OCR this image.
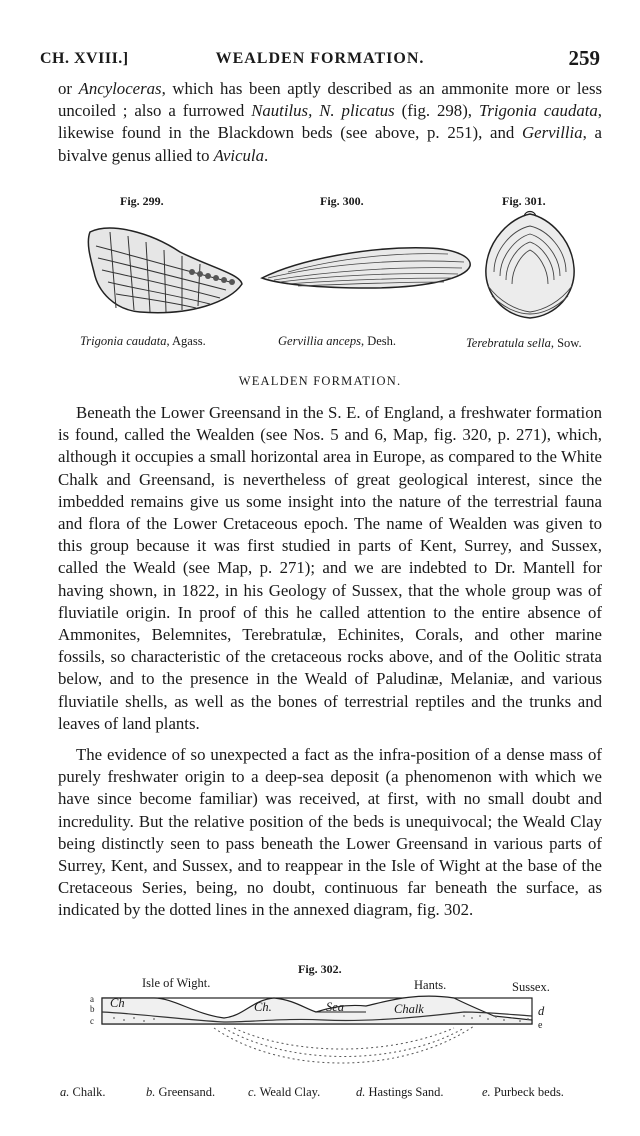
CH. XVIII.]	WEALDEN FORMATION.	259
or Ancyloceras, which has been aptly described as an ammonite more or less uncoiled ; also a furrowed Nautilus, N. plicatus (fig. 298), Trigonia caudata, likewise found in the Blackdown beds (see above, p. 251), and Gervillia, a bivalve genus allied to Avicula.
Fig. 299.	Fig. 300.	Fig. 301.
Trigonia caudata, Agass.	Gervillia anceps, Desh.	Terebratula sella, Sow.
WEALDEN FORMATION.
Beneath the Lower Greensand in the S. E. of England, a freshwater formation is found, called the Wealden (see Nos. 5 and 6, Map, fig. 320, p. 271), which, although it occupies a small horizontal area in Europe, as compared to the White Chalk and Greensand, is nevertheless of great geological interest, since the imbedded remains give us some insight into the nature of the terrestrial fauna and flora of the Lower Cretaceous epoch. The name of Wealden was given to this group because it was first studied in parts of Kent, Surrey, and Sussex, called the Weald (see Map, p. 271); and we are indebted to Dr. Mantell for having shown, in 1822, in his Geology of Sussex, that the whole group was of fluviatile origin. In proof of this he called attention to the entire absence of Ammonites, Belemnites, Terebratulæ, Echinites, Corals, and other marine fossils, so characteristic of the cretaceous rocks above, and of the Oolitic strata below, and to the presence in the Weald of Paludinæ, Melaniæ, and various fluviatile shells, as well as the bones of terrestrial reptiles and the trunks and leaves of land plants.
The evidence of so unexpected a fact as the infra-position of a dense mass of purely freshwater origin to a deep-sea deposit (a phenomenon with which we have since become familiar) was received, at first, with no small doubt and incredulity. But the relative position of the beds is unequivocal; the Weald Clay being distinctly seen to pass beneath the Lower Greensand in various parts of Surrey, Kent, and Sussex, and to reappear in the Isle of Wight at the base of the Cretaceous Series, being, no doubt, continuous far beneath the surface, as indicated by the dotted lines in the annexed diagram, fig. 302.
Fig. 302.
Isle of Wight.	Hants.	Sussex.
Ch	Ch.	Sea	Chalk
a
b
c
d
e
a. Chalk.	b. Greensand.	c. Weald Clay.	d. Hastings Sand.	e. Purbeck beds.
